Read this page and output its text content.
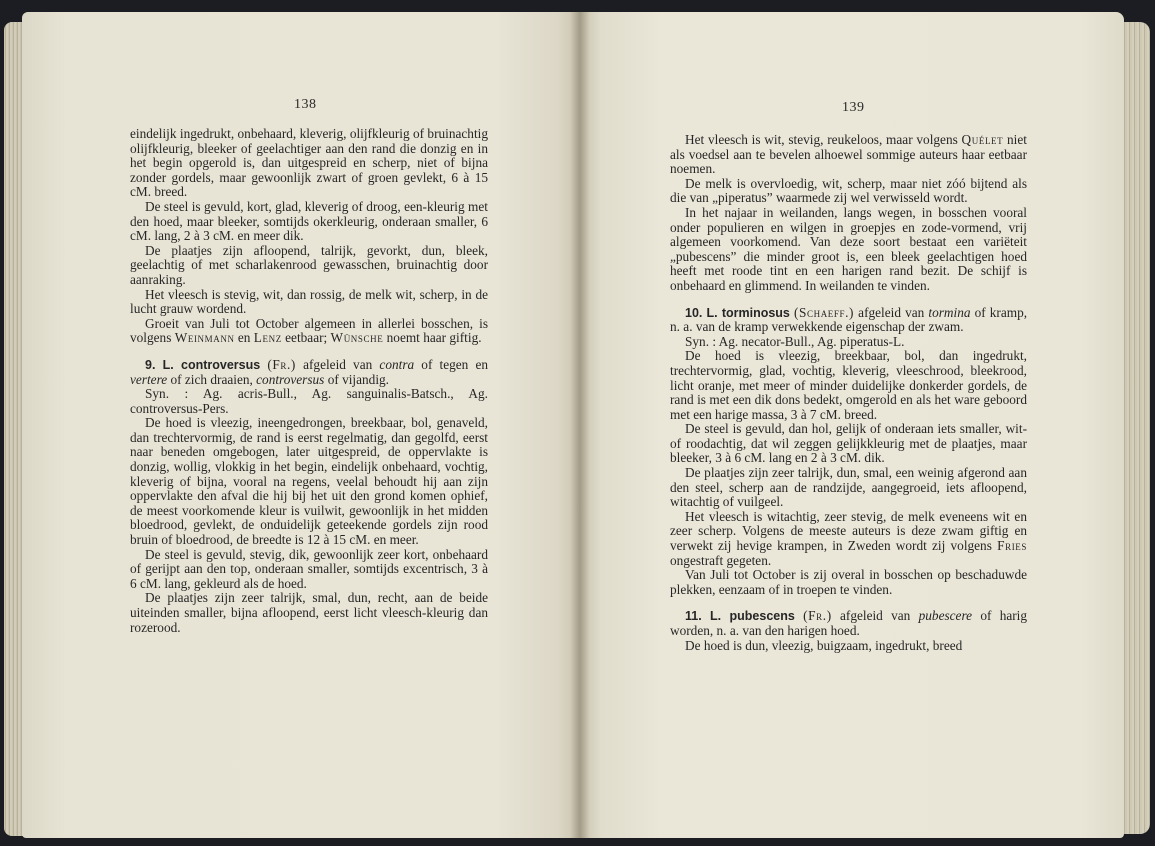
138	139

eindelijk ingedrukt, onbehaard, kleverig, olijfkleurig of bruinachtig olijfkleurig, bleeker of geelachtiger aan den rand die donzig en in het begin opgerold is, dan uitgespreid en scherp, niet of bijna zonder gordels, maar gewoonlijk zwart of groen gevlekt, 6 à 15 cM. breed.

De steel is gevuld, kort, glad, kleverig of droog, een-kleurig met den hoed, maar bleeker, somtijds okerkleurig, onderaan smaller, 6 cM. lang, 2 à 3 cM. en meer dik.

De plaatjes zijn afloopend, talrijk, gevorkt, dun, bleek, geelachtig of met scharlakenrood gewasschen, bruinachtig door aanraking.

Het vleesch is stevig, wit, dan rossig, de melk wit, scherp, in de lucht grauw wordend.

Groeit van Juli tot October algemeen in allerlei bosschen, is volgens Weinmann en Lenz eetbaar; Wünsche noemt haar giftig.

9. L. controversus (Fr.) afgeleid van contra of tegen en vertere of zich draaien, controversus of vijandig.

Syn. : Ag. acris-Bull., Ag. sanguinalis-Batsch., Ag. controversus-Pers.

De hoed is vleezig, ineengedrongen, breekbaar, bol, genaveld, dan trechtervormig, de rand is eerst regelmatig, dan gegolfd, eerst naar beneden omgebogen, later uitgespreid, de oppervlakte is donzig, wollig, vlokkig in het begin, eindelijk onbehaard, vochtig, kleverig of bijna, vooral na regens, veelal behoudt hij aan zijn oppervlakte den afval die hij bij het uit den grond komen ophief, de meest voorkomende kleur is vuilwit, gewoonlijk in het midden bloedrood, gevlekt, de onduidelijk geteekende gordels zijn rood bruin of bloedrood, de breedte is 12 à 15 cM. en meer.

De steel is gevuld, stevig, dik, gewoonlijk zeer kort, onbehaard of gerijpt aan den top, onderaan smaller, somtijds excentrisch, 3 à 6 cM. lang, gekleurd als de hoed.

De plaatjes zijn zeer talrijk, smal, dun, recht, aan de beide uiteinden smaller, bijna afloopend, eerst licht vleesch-kleurig dan rozerood.

Het vleesch is wit, stevig, reukeloos, maar volgens Quélet niet als voedsel aan te bevelen alhoewel sommige auteurs haar eetbaar noemen.

De melk is overvloedig, wit, scherp, maar niet zóó bijtend als die van „piperatus” waarmede zij wel verwisseld wordt.

In het najaar in weilanden, langs wegen, in bosschen vooral onder populieren en wilgen in groepjes en zode-vormend, vrij algemeen voorkomend. Van deze soort bestaat een variëteit „pubescens” die minder groot is, een bleek geelachtigen hoed heeft met roode tint en een harigen rand bezit. De schijf is onbehaard en glimmend. In weilanden te vinden.

10. L. torminosus (Schaeff.) afgeleid van tormina of kramp, n. a. van de kramp verwekkende eigenschap der zwam.

Syn. : Ag. necator-Bull., Ag. piperatus-L.

De hoed is vleezig, breekbaar, bol, dan ingedrukt, trechtervormig, glad, vochtig, kleverig, vleeschrood, bleekrood, licht oranje, met meer of minder duidelijke donkerder gordels, de rand is met een dik dons bedekt, omgerold en als het ware geboord met een harige massa, 3 à 7 cM. breed.

De steel is gevuld, dan hol, gelijk of onderaan iets smaller, wit- of roodachtig, dat wil zeggen gelijkkleurig met de plaatjes, maar bleeker, 3 à 6 cM. lang en 2 à 3 cM. dik.

De plaatjes zijn zeer talrijk, dun, smal, een weinig afgerond aan den steel, scherp aan de randzijde, aangegroeid, iets afloopend, witachtig of vuilgeel.

Het vleesch is witachtig, zeer stevig, de melk eveneens wit en zeer scherp. Volgens de meeste auteurs is deze zwam giftig en verwekt zij hevige krampen, in Zweden wordt zij volgens Fries ongestraft gegeten.

Van Juli tot October is zij overal in bosschen op beschaduwde plekken, eenzaam of in troepen te vinden.

11. L. pubescens (Fr.) afgeleid van pubescere of harig worden, n. a. van den harigen hoed.

De hoed is dun, vleezig, buigzaam, ingedrukt, breed
